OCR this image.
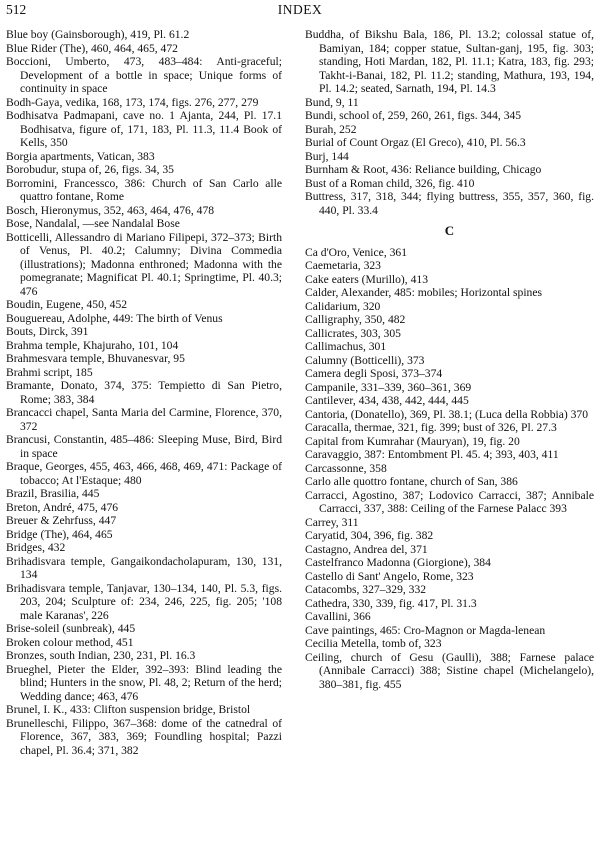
512	INDEX

Blue boy (Gainsborough), 419, Pl. 61.2

Blue Rider (The), 460, 464, 465, 472

Boccioni, Umberto, 473, 483–484: Anti-graceful; Development of a bottle in space; Unique forms of continuity in space

Bodh-Gaya, vedika, 168, 173, 174, figs. 276, 277, 279

Bodhisatva Padmapani, cave no. 1 Ajanta, 244, Pl. 17.1 Bodhisatva, figure of, 171, 183, Pl. 11.3, 11.4 Book of Kells, 350

Borgia apartments, Vatican, 383

Borobudur, stupa of, 26, figs. 34, 35

Borromini, Francessco, 386: Church of San Carlo alle quattro fontane, Rome

Bosch, Hieronymus, 352, 463, 464, 476, 478

Bose, Nandalal, —see Nandalal Bose

Botticelli, Allessandro di Mariano Filipepi, 372–373; Birth of Venus, Pl. 40.2; Calumny; Divina Commedia (illustrations); Madonna enthroned; Madonna with the pomegranate; Magnificat Pl. 40.1; Springtime, Pl. 40.3; 476

Boudin, Eugene, 450, 452

Bouguereau, Adolphe, 449: The birth of Venus

Bouts, Dirck, 391

Brahma temple, Khajuraho, 101, 104

Brahmesvara temple, Bhuvanesvar, 95

Brahmi script, 185

Bramante, Donato, 374, 375: Tempietto di San Pietro, Rome; 383, 384

Brancacci chapel, Santa Maria del Carmine, Florence, 370, 372

Brancusi, Constantin, 485–486: Sleeping Muse, Bird, Bird in space

Braque, Georges, 455, 463, 466, 468, 469, 471: Package of tobacco; At l'Estaque; 480

Brazil, Brasilia, 445

Breton, André, 475, 476

Breuer & Zehrfuss, 447

Bridge (The), 464, 465

Bridges, 432

Brihadisvara temple, Gangaikondacholapuram, 130, 131, 134

Brihadisvara temple, Tanjavar, 130–134, 140, Pl. 5.3, figs. 203, 204; Sculpture of: 234, 246, 225, fig. 205; '108 male Karanas', 226

Brise-soleil (sunbreak), 445

Broken colour method, 451

Bronzes, south Indian, 230, 231, Pl. 16.3

Brueghel, Pieter the Elder, 392–393: Blind leading the blind; Hunters in the snow, Pl. 48, 2; Return of the herd; Wedding dance; 463, 476

Brunel, I. K., 433: Clifton suspension bridge, Bristol

Brunelleschi, Filippo, 367–368: dome of the catnedral of Florence, 367, 383, 369; Foundling hospital; Pazzi chapel, Pl. 36.4; 371, 382

Buddha, of Bikshu Bala, 186, Pl. 13.2; colossal statue of, Bamiyan, 184; copper statue, Sultan-ganj, 195, fig. 303; standing, Hoti Mardan, 182, Pl. 11.1; Katra, 183, fig. 293; Takht-i-Banai, 182, Pl. 11.2; standing, Mathura, 193, 194, Pl. 14.2; seated, Sarnath, 194, Pl. 14.3

Bund, 9, 11

Bundi, school of, 259, 260, 261, figs. 344, 345

Burah, 252

Burial of Count Orgaz (El Greco), 410, Pl. 56.3

Burj, 144

Burnham & Root, 436: Reliance building, Chicago

Bust of a Roman child, 326, fig. 410

Buttress, 317, 318, 344; flying buttress, 355, 357, 360, fig. 440, Pl. 33.4

C

Ca d'Oro, Venice, 361

Caemetaria, 323

Cake eaters (Murillo), 413

Calder, Alexander, 485: mobiles; Horizontal spines

Calidarium, 320

Calligraphy, 350, 482

Callicrates, 303, 305

Callimachus, 301

Calumny (Botticelli), 373

Camera degli Sposi, 373–374

Campanile, 331–339, 360–361, 369

Cantilever, 434, 438, 442, 444, 445

Cantoria, (Donatello), 369, Pl. 38.1; (Luca della Robbia) 370

Caracalla, thermae, 321, fig. 399; bust of 326, Pl. 27.3

Capital from Kumrahar (Mauryan), 19, fig. 20

Caravaggio, 387: Entombment Pl. 45. 4; 393, 403, 411

Carcassonne, 358

Carlo alle quottro fontane, church of San, 386

Carracci, Agostino, 387; Lodovico Carracci, 387; Annibale Carracci, 337, 388: Ceiling of the Farnese Palacc 393

Carrey, 311

Caryatid, 304, 396, fig. 382

Castagno, Andrea del, 371

Castelfranco Madonna (Giorgione), 384

Castello di Sant' Angelo, Rome, 323

Catacombs, 327–329, 332

Cathedra, 330, 339, fig. 417, Pl. 31.3

Cavallini, 366

Cave paintings, 465: Cro-Magnon or Magda-lenean

Cecilia Metella, tomb of, 323

Ceiling, church of Gesu (Gaulli), 388; Farnese palace (Annibale Carracci) 388; Sistine chapel (Michelangelo), 380–381, fig. 455
